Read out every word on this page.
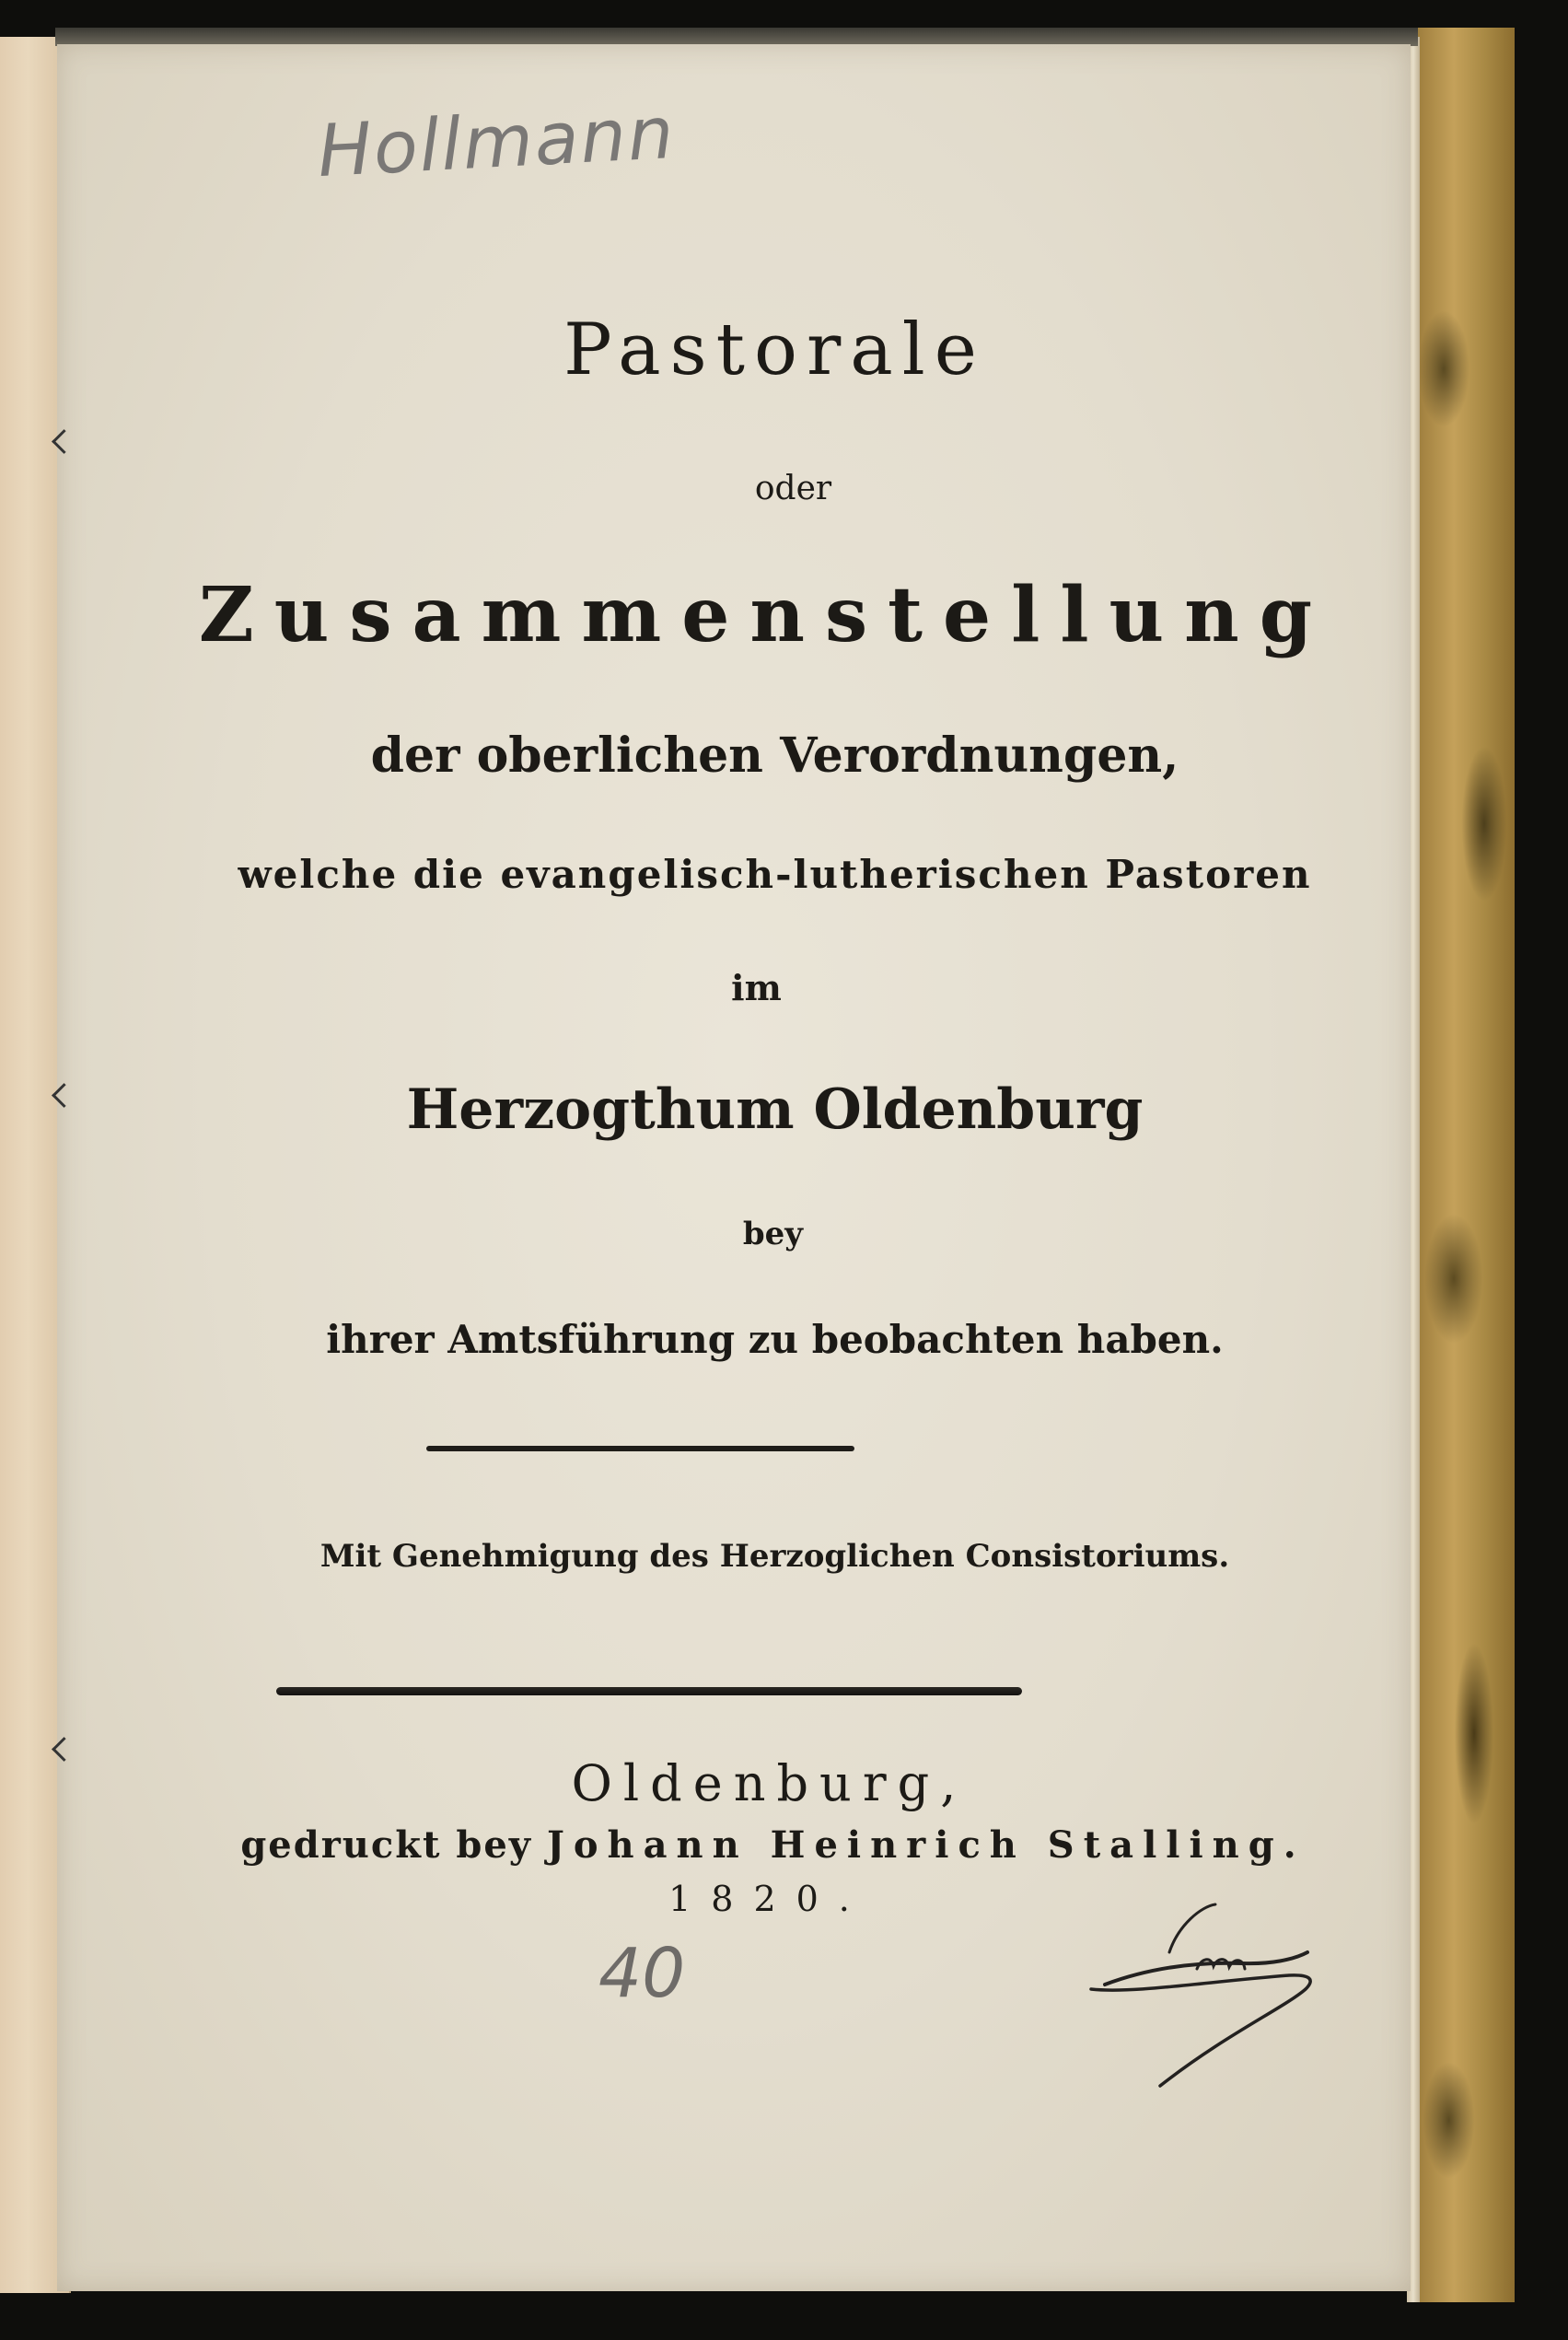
Hollmann
Pastorale
oder
Zusammenstellung
der oberlichen Verordnungen,
welche die evangelisch-lutherischen Pastoren
im
Herzogthum Oldenburg
bey
ihrer Amtsführung zu beobachten haben.
Mit Genehmigung des Herzoglichen Consistoriums.
Oldenburg,
gedruckt bey Johann Heinrich Stalling.
1820.
40
